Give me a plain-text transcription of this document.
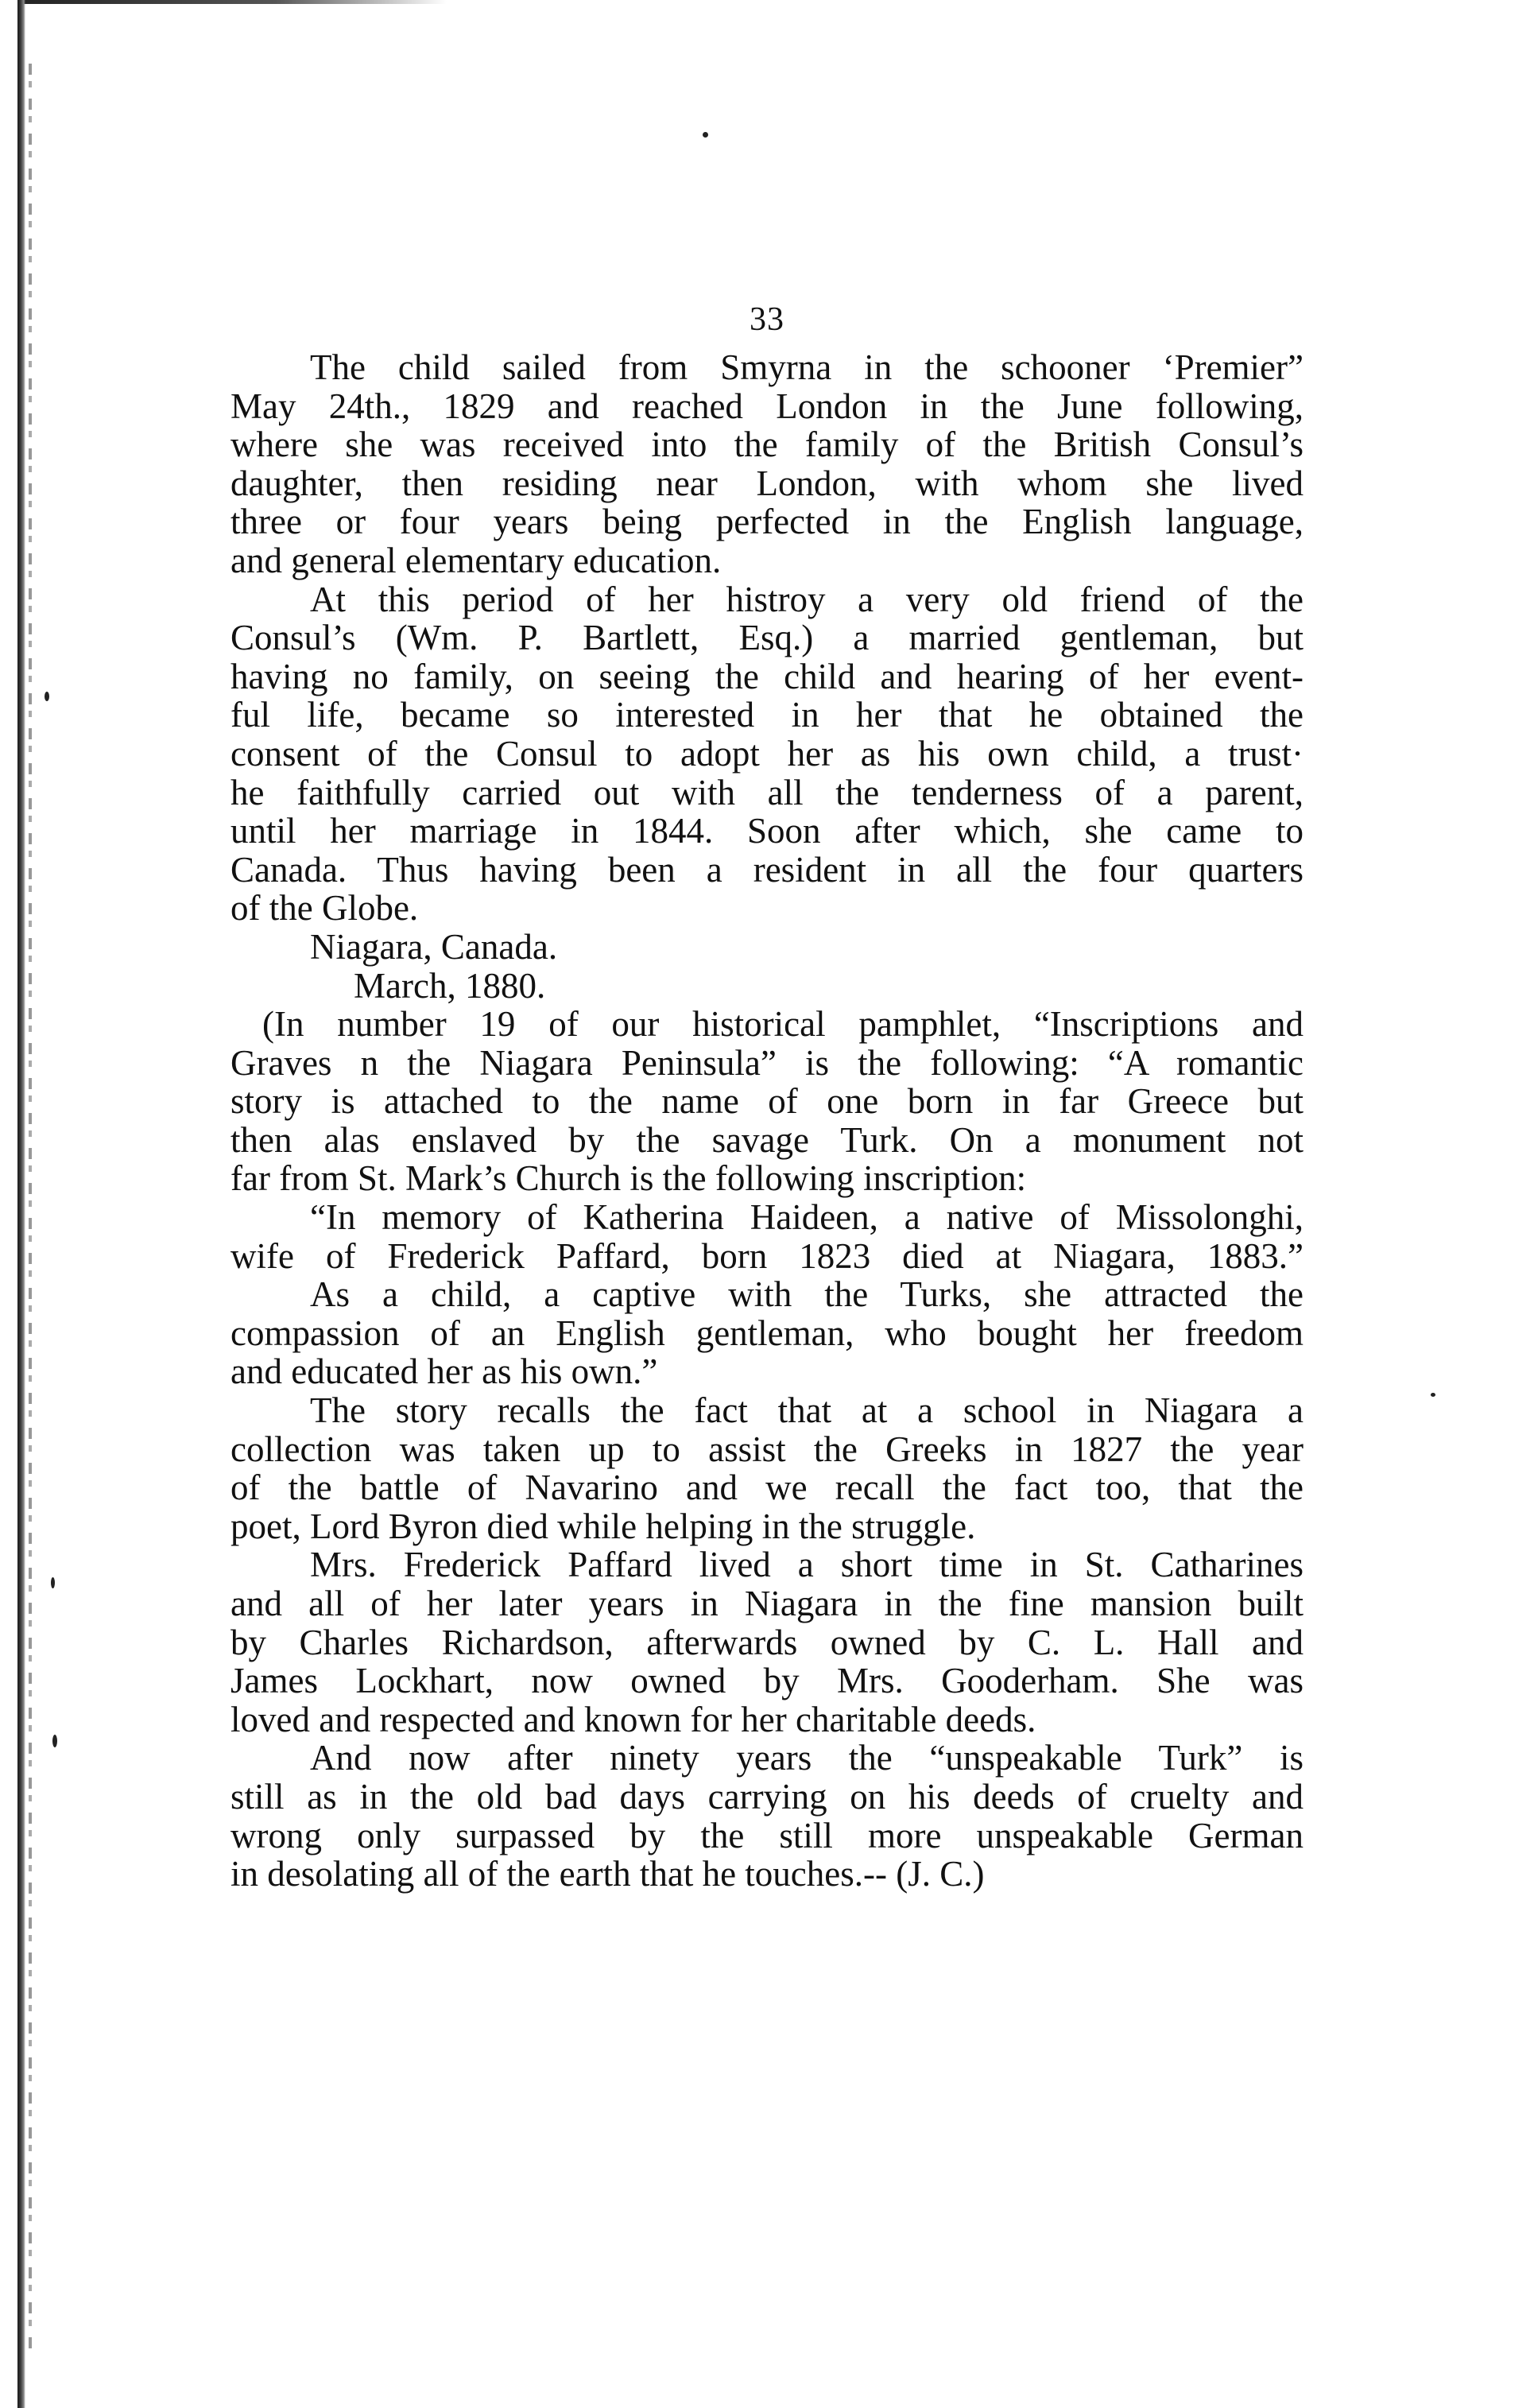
33
The child sailed from Smyrna in the schooner ‘Premier”
May 24th., 1829 and reached London in the June following,
where she was received into the family of the British Consul’s
daughter, then residing near London, with whom she lived
three or four years being perfected in the English language,
and general elementary education.
At this period of her histroy a very old friend of the
Consul’s (Wm. P. Bartlett, Esq.) a married gentleman, but
having no family, on seeing the child and hearing of her event-
ful life, became so interested in her that he obtained the
consent of the Consul to adopt her as his own child, a trust·
he faithfully carried out with all the tenderness of a parent,
until her marriage in 1844. Soon after which, she came to
Canada. Thus having been a resident in all the four quarters
of the Globe.
Niagara, Canada.
March, 1880.
(In number 19 of our historical pamphlet, “Inscriptions and
Graves n the Niagara Peninsula” is the following: “A romantic
story is attached to the name of one born in far Greece but
then alas enslaved by the savage Turk. On a monument not
far from St. Mark’s Church is the following inscription:
“In memory of Katherina Haideen, a native of Missolonghi,
wife of Frederick Paffard, born 1823 died at Niagara, 1883.”
As a child, a captive with the Turks, she attracted the
compassion of an English gentleman, who bought her freedom
and educated her as his own.”
The story recalls the fact that at a school in Niagara a
collection was taken up to assist the Greeks in 1827 the year
of the battle of Navarino and we recall the fact too, that the
poet, Lord Byron died while helping in the struggle.
Mrs. Frederick Paffard lived a short time in St. Catharines
and all of her later years in Niagara in the fine mansion built
by Charles Richardson, afterwards owned by C. L. Hall and
James Lockhart, now owned by Mrs. Gooderham. She was
loved and respected and known for her charitable deeds.
And now after ninety years the “unspeakable Turk” is
still as in the old bad days carrying on his deeds of cruelty and
wrong only surpassed by the still more unspeakable German
in desolating all of the earth that he touches.-- (J. C.)
